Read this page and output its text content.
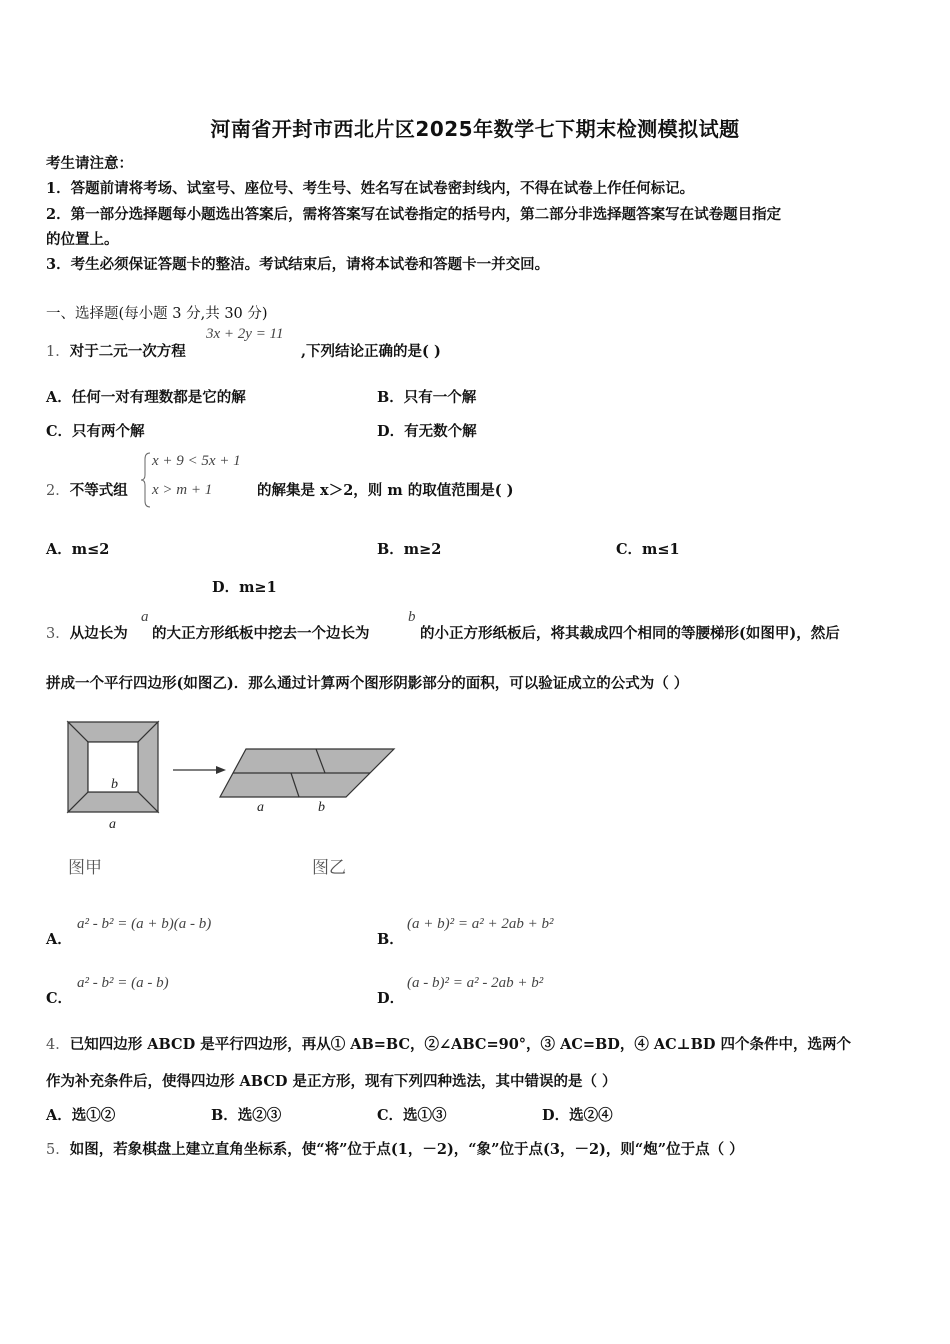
河南省开封市西北片区2025年数学七下期末检测模拟试题
考生请注意：
1．答题前请将考场、试室号、座位号、考生号、姓名写在试卷密封线内，不得在试卷上作任何标记。
2．第一部分选择题每小题选出答案后，需将答案写在试卷指定的括号内，第二部分非选择题答案写在试卷题目指定
的位置上。
3．考生必须保证答题卡的整洁。考试结束后，请将本试卷和答题卡一并交回。
一、选择题(每小题 3 分,共 30 分)
1．对于二元一次方程
3x + 2y = 11
,下列结论正确的是( )
A．任何一对有理数都是它的解	B．只有一个解
C．只有两个解	D．有无数个解
2．不等式组
x + 9 < 5x + 1
x > m + 1	的解集是 x＞2，则 m 的取值范围是( )
A．m≤2	B．m≥2	C．m≤1
D．m≥1
3．从边长为
a
的大正方形纸板中挖去一个边长为
b
的小正方形纸板后，将其裁成四个相同的等腰梯形(如图甲)，然后
拼成一个平行四边形(如图乙)．那么通过计算两个图形阴影部分的面积，可以验证成立的公式为（ ）
b
a
a	b
图甲	图乙
A．
a² - b² = (a + b)(a - b)
B．
(a + b)² = a² + 2ab + b²
C．
a² - b² = (a - b)
D．
(a - b)² = a² - 2ab + b²
4．已知四边形 ABCD 是平行四边形，再从① AB=BC，②∠ABC=90°，③ AC=BD，④ AC⊥BD 四个条件中，选两个
作为补充条件后，使得四边形 ABCD 是正方形，现有下列四种选法，其中错误的是（ ）
A．选①②	B．选②③	C．选①③	D．选②④
5．如图，若象棋盘上建立直角坐标系，使“将”位于点(1，－2)，“象”位于点(3，－2)，则“炮”位于点（ ）
